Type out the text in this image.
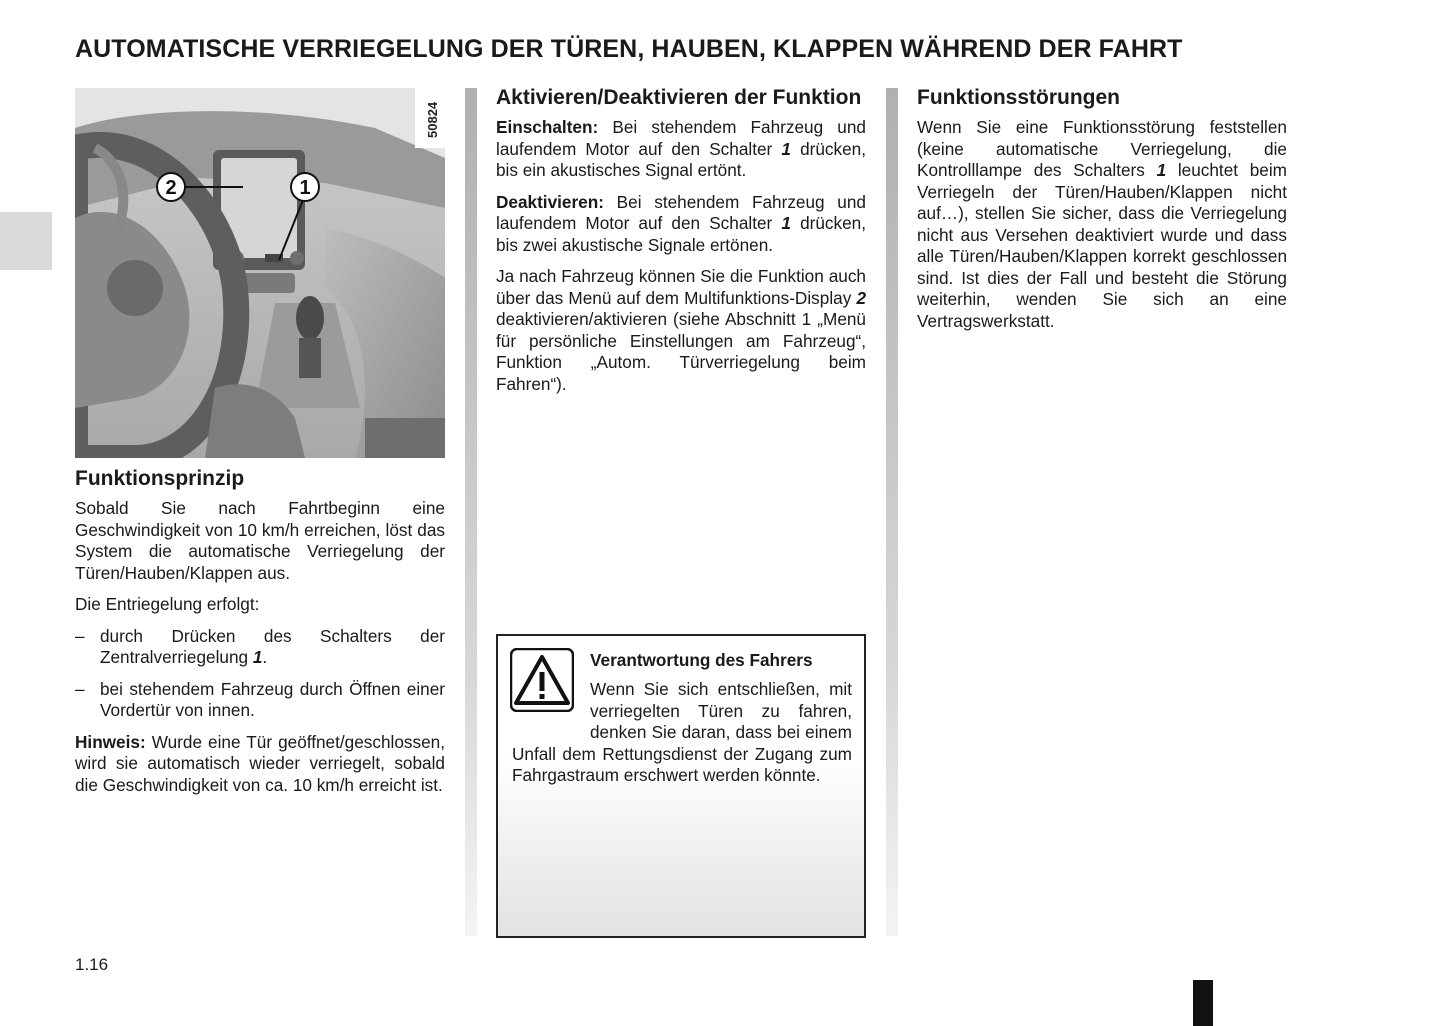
AUTOMATISCHE VERRIEGELUNG DER TÜREN, HAUBEN, KLAPPEN WÄHREND DER FAHRT
2	1
50824
Funktionsprinzip

Sobald Sie nach Fahrtbeginn eine Geschwindigkeit von 10 km/h erreichen, löst das System die automatische Verriegelung der Türen/Hauben/Klappen aus.

Die Entriegelung erfolgt:

– durch Drücken des Schalters der Zentralverriegelung 1.
– bei stehendem Fahrzeug durch Öffnen einer Vordertür von innen.

Hinweis: Wurde eine Tür geöffnet/geschlossen, wird sie automatisch wieder verriegelt, sobald die Geschwindigkeit von ca. 10 km/h erreicht ist.

Aktivieren/Deaktivieren der Funktion

Einschalten: Bei stehendem Fahrzeug und laufendem Motor auf den Schalter 1 drücken, bis ein akustisches Signal ertönt.

Deaktivieren: Bei stehendem Fahrzeug und laufendem Motor auf den Schalter 1 drücken, bis zwei akustische Signale ertönen.

Ja nach Fahrzeug können Sie die Funktion auch über das Menü auf dem Multifunktions-Display 2 deaktivieren/aktivieren (siehe Abschnitt 1 „Menü für persönliche Einstellungen am Fahrzeug“, Funktion „Autom. Türverriegelung beim Fahren“).

Verantwortung des Fahrers
Wenn Sie sich entschließen, mit verriegelten Türen zu fahren, denken Sie daran, dass bei einem Unfall dem Rettungsdienst der Zugang zum Fahrgastraum erschwert werden könnte.
Funktionsstörungen

Wenn Sie eine Funktionsstörung feststellen (keine automatische Verriegelung, die Kontrolllampe des Schalters 1 leuchtet beim Verriegeln der Türen/Hauben/Klappen nicht auf…), stellen Sie sicher, dass die Verriegelung nicht aus Versehen deaktiviert wurde und dass alle Türen/Hauben/Klappen korrekt geschlossen sind. Ist dies der Fall und besteht die Störung weiterhin, wenden Sie sich an eine Vertragswerkstatt.

1.16
